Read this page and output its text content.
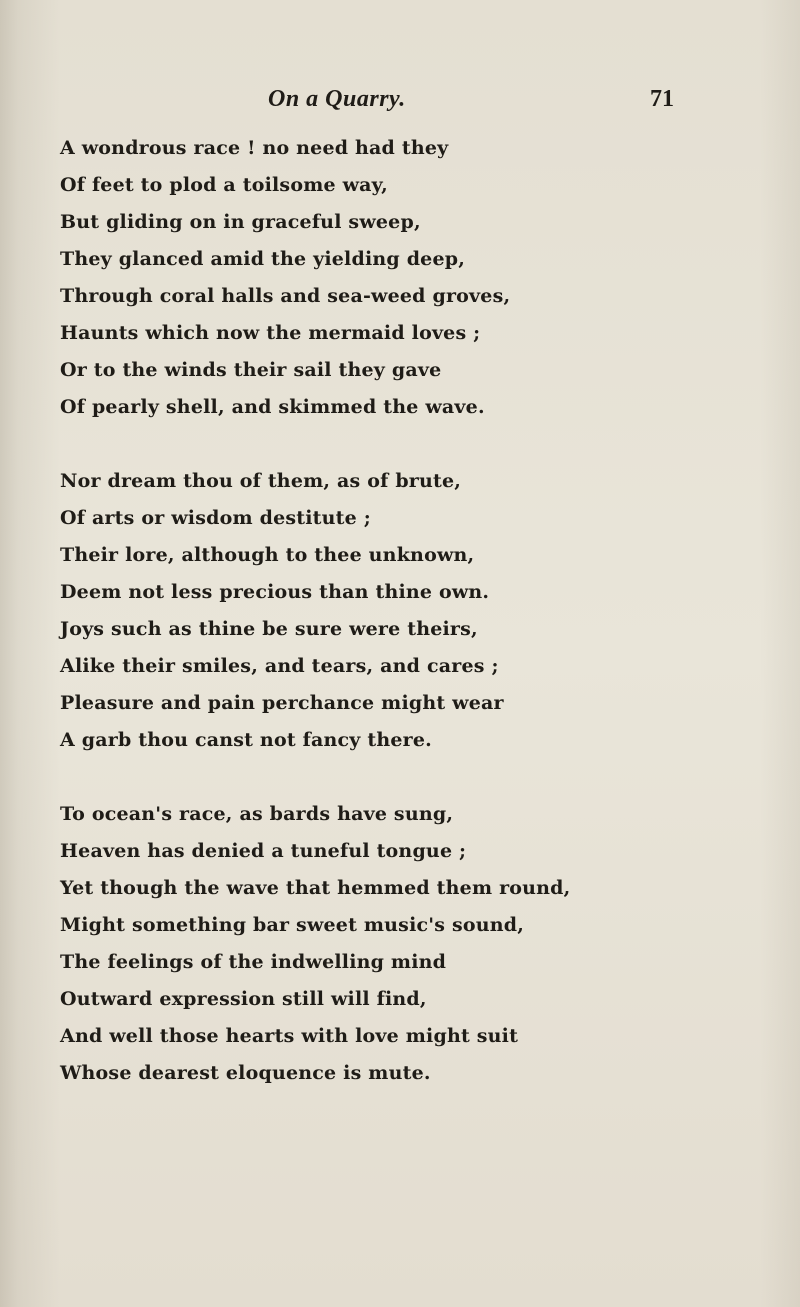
On a Quarry.	71
A wondrous race ! no need had they
Of feet to plod a toilsome way,
But gliding on in graceful sweep,
They glanced amid the yielding deep,
Through coral halls and sea-weed groves,
Haunts which now the mermaid loves ;
Or to the winds their sail they gave
Of pearly shell, and skimmed the wave.
Nor dream thou of them, as of brute,
Of arts or wisdom destitute ;
Their lore, although to thee unknown,
Deem not less precious than thine own.
Joys such as thine be sure were theirs,
Alike their smiles, and tears, and cares ;
Pleasure and pain perchance might wear
A garb thou canst not fancy there.
To ocean's race, as bards have sung,
Heaven has denied a tuneful tongue ;
Yet though the wave that hemmed them round,
Might something bar sweet music's sound,
The feelings of the indwelling mind
Outward expression still will find,
And well those hearts with love might suit
Whose dearest eloquence is mute.
